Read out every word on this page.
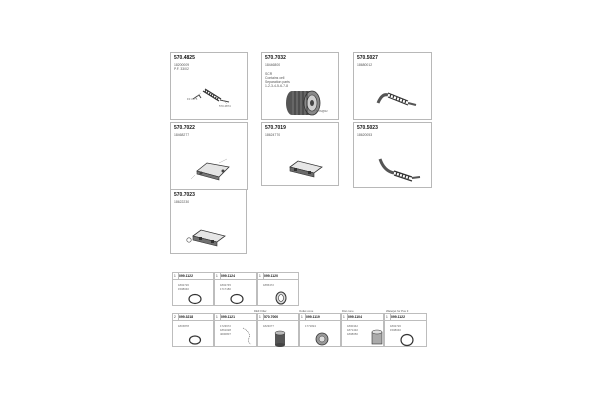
570.4825
18200009
P.F. 33/02
F0 4775
570.4874
570.7032
18446800
SCR
Contains cell
Separation parts
1-2-3-4-5-6-7-8
570.6832
570.5027
18680012
570.7022
18468277
570.7019
18624770
570.5023
18620053
570.7023
18622230
1 099.1122
1802726
1508040
1 099.1124
1802745
1717180
1 099.1120
1865472
DEF Filter	Outlet cone	Dist cone	Waterjet for Pos 3
2 099.3218
1815878
1 099.1121
1723672
1861028
4000807
1 570.7000
1823077
1 099.1119
1771824
1 099.1104
1800342
1871432
1808050
1 099.1122
1802726
1508040
